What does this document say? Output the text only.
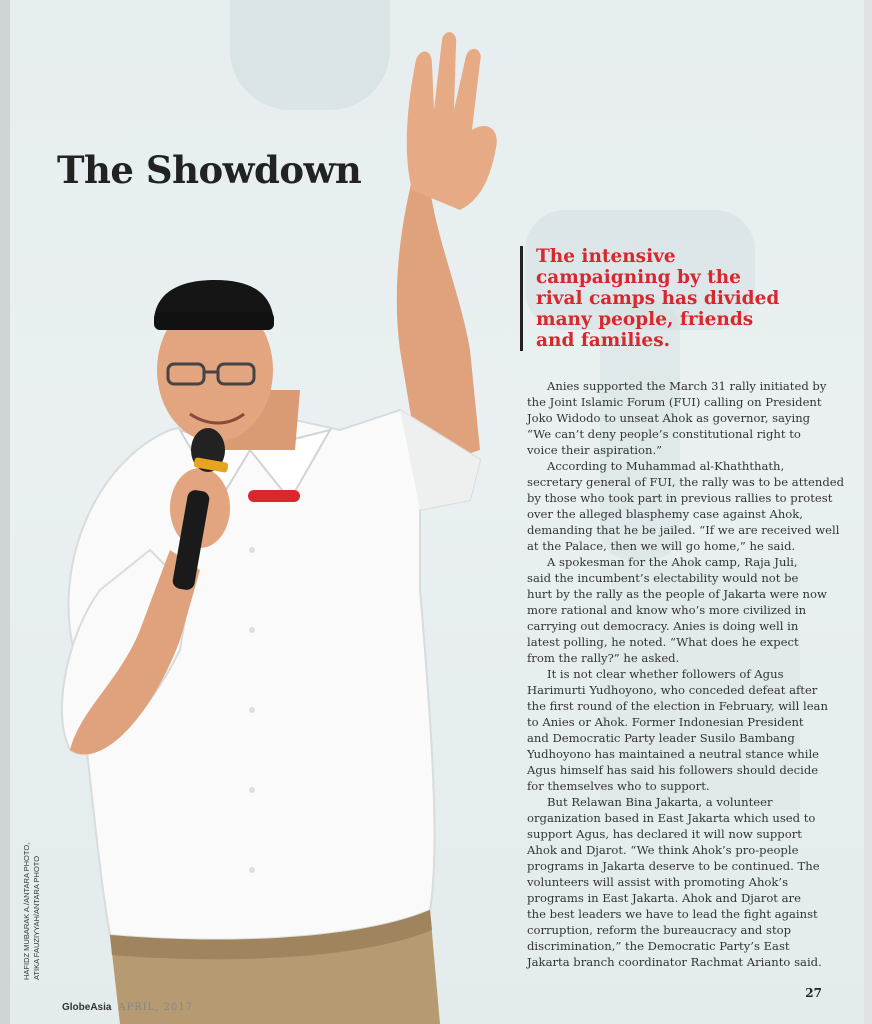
The Showdown
The intensive
campaigning by the
rival camps has divided
many people, friends
and families.

Anies supported the March 31 rally initiated by
the Joint Islamic Forum (FUI) calling on President
Joko Widodo to unseat Ahok as governor, saying
“We can’t deny people’s constitutional right to
voice their aspiration.”

According to Muhammad al-Khaththath,
secretary general of FUI, the rally was to be attended
by those who took part in previous rallies to protest
over the alleged blasphemy case against Ahok,
demanding that he be jailed. “If we are received well
at the Palace, then we will go home,” he said.

A spokesman for the Ahok camp, Raja Juli,
said the incumbent’s electability would not be
hurt by the rally as the people of Jakarta were now
more rational and know who’s more civilized in
carrying out democracy. Anies is doing well in
latest polling, he noted. “What does he expect
from the rally?” he asked.

It is not clear whether followers of Agus
Harimurti Yudhoyono, who conceded defeat after
the first round of the election in February, will lean
to Anies or Ahok. Former Indonesian President
and Democratic Party leader Susilo Bambang
Yudhoyono has maintained a neutral stance while
Agus himself has said his followers should decide
for themselves who to support.

But Relawan Bina Jakarta, a volunteer
organization based in East Jakarta which used to
support Agus, has declared it will now support
Ahok and Djarot. “We think Ahok’s pro-people
programs in Jakarta deserve to be continued. The
volunteers will assist with promoting Ahok’s
programs in East Jakarta. Ahok and Djarot are
the best leaders we have to lead the fight against
corruption, reform the bureaucracy and stop
discrimination,” the Democratic Party’s East
Jakarta branch coordinator Rachmat Arianto said.

HAFIDZ MUBARAK A./ANTARA PHOTO, ATIKA FAUZIYYAH/ANTARA PHOTO
GlobeAsia APRIL, 2017
27
